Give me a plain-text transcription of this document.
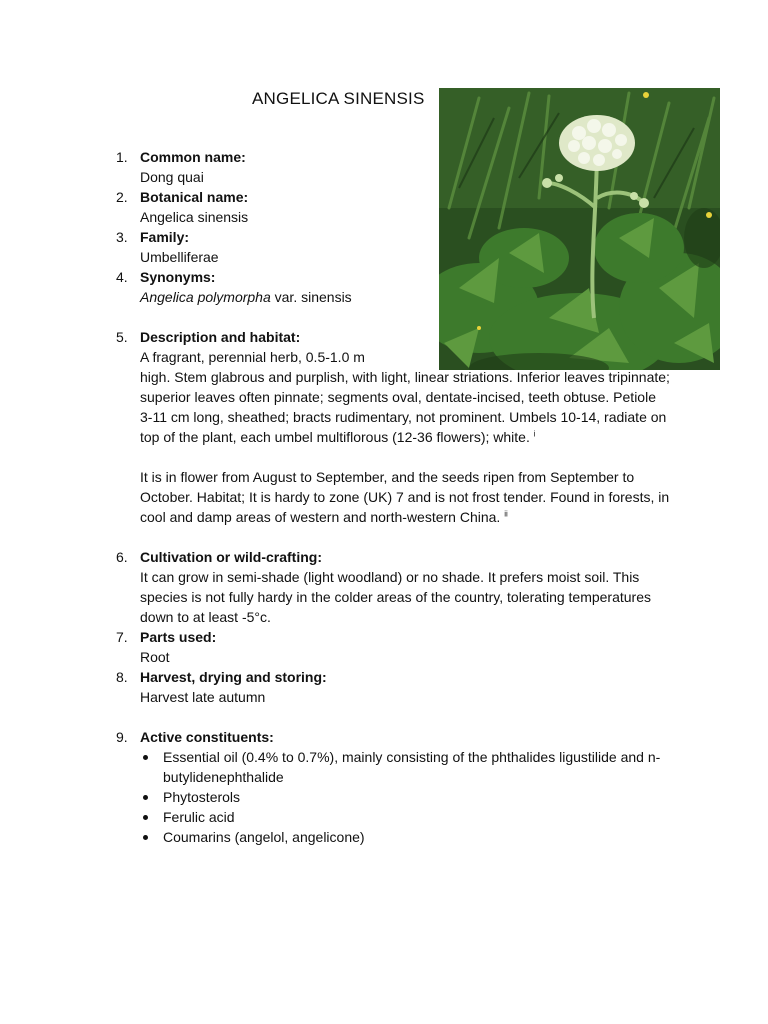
ANGELICA SINENSIS
1. Common name:
Dong quai
2. Botanical name:
Angelica sinensis
3. Family:
Umbelliferae
4. Synonyms:
Angelica polymorpha var. sinensis
5. Description and habitat:
A fragrant, perennial herb, 0.5-1.0 m
high. Stem glabrous and purplish, with light, linear striations. Inferior leaves tripinnate; superior leaves often pinnate; segments oval, dentate-incised, teeth obtuse. Petiole 3-11 cm long, sheathed; bracts rudimentary, not prominent. Umbels 10-14, radiate on top of the plant, each umbel multiflorous (12-36 flowers); white. $^i$
It is in flower from August to September, and the seeds ripen from September to October. Habitat; It is hardy to zone (UK) 7 and is not frost tender. Found in forests, in cool and damp areas of western and north-western China. $^{ii}$
6. Cultivation or wild-crafting:
It can grow in semi-shade (light woodland) or no shade. It prefers moist soil. This species is not fully hardy in the colder areas of the country, tolerating temperatures down to at least -5°c.
7. Parts used:
Root
8. Harvest, drying and storing:
Harvest late autumn
9. Active constituents:
Essential oil (0.4% to 0.7%), mainly consisting of the phthalides ligustilide and n-butylidenephthalide
Phytosterols
Ferulic acid
Coumarins (angelol, angelicone)
